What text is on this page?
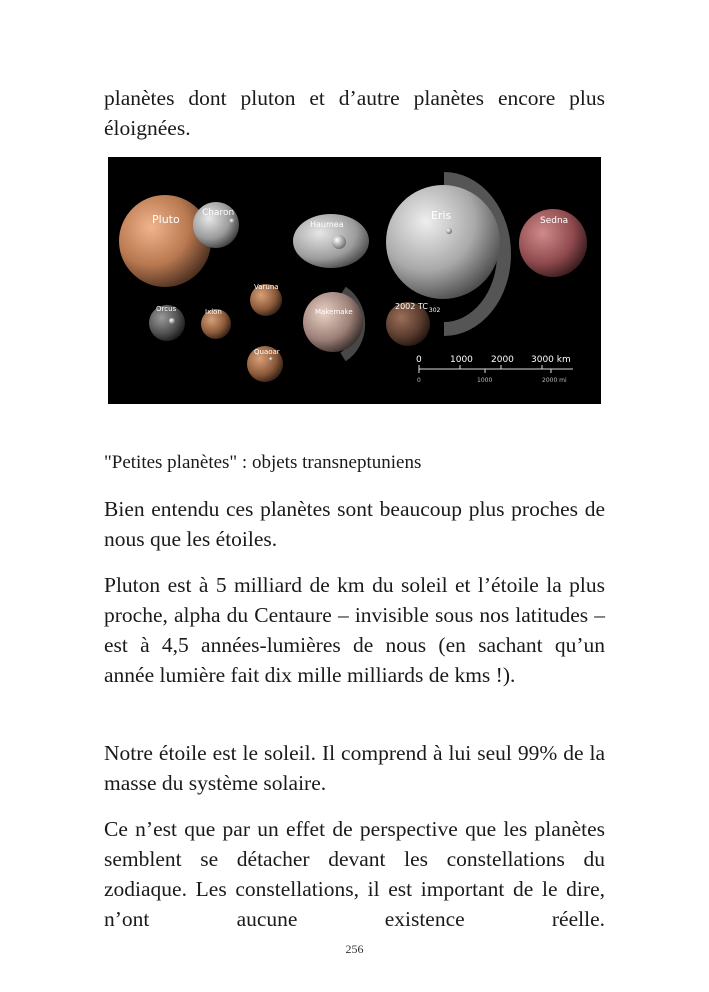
planètes dont pluton et d’autre planètes encore plus éloignées.

Pluto Charon
Haumea
Eris	Sedna
Varuna
Orcus	Ixion	Makemake
2002 $TC_{302}$
Quaoar
0	1000 2000 3000 km
0	1000	2000 mi

"Petites planètes" : objets transneptuniens

Bien entendu ces planètes sont beaucoup plus proches de nous que les étoiles.

Pluton est à 5 milliard de km du soleil et l’étoile la plus proche, alpha du Centaure – invisible sous nos latitudes – est à 4,5 années-lumières de nous (en sachant qu’un année lumière fait dix mille milliards de kms !).

Notre étoile est le soleil. Il comprend à lui seul 99% de la masse du système solaire.

Ce n’est que par un effet de perspective que les planètes semblent se détacher devant les constellations du zodiaque. Les constellations, il est important de le dire, n’ont aucune existence réelle.

256
